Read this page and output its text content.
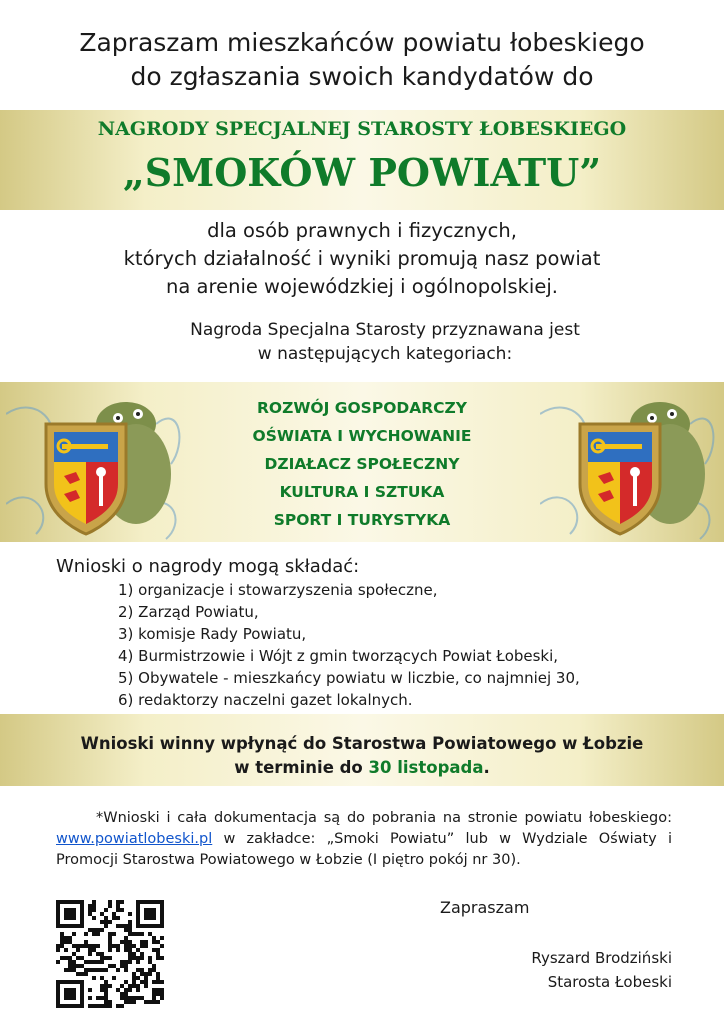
Zapraszam mieszkańców powiatu łobeskiego
do zgłaszania swoich kandydatów do
NAGRODY SPECJALNEJ STAROSTY ŁOBESKIEGO
„SMOKÓW POWIATU”
dla osób prawnych i fizycznych,
których działalność i wyniki promują nasz powiat
na arenie wojewódzkiej i ogólnopolskiej.
Nagroda Specjalna Starosty przyznawana jest
w następujących kategoriach:
ROZWÓJ GOSPODARCZY
OŚWIATA I WYCHOWANIE
DZIAŁACZ SPOŁECZNY
KULTURA I SZTUKA
SPORT I TURYSTYKA
Wnioski o nagrody mogą składać:
1) organizacje i stowarzyszenia społeczne,
2) Zarząd Powiatu,
3) komisje Rady Powiatu,
4) Burmistrzowie i Wójt z gmin tworzących Powiat Łobeski,
5) Obywatele - mieszkańcy powiatu w liczbie, co najmniej 30,
6) redaktorzy naczelni gazet lokalnych.
Wnioski winny wpłynąć do Starostwa Powiatowego w Łobzie
w terminie do 30 listopada.
*Wnioski i cała dokumentacja są do pobrania na stronie powiatu łobeskiego: www.powiatlobeski.pl w zakładce: „Smoki Powiatu” lub w Wydziale Oświaty i Promocji Starostwa Powiatowego w Łobzie (I piętro pokój nr 30).
Zapraszam
Ryszard Brodziński
Starosta Łobeski
